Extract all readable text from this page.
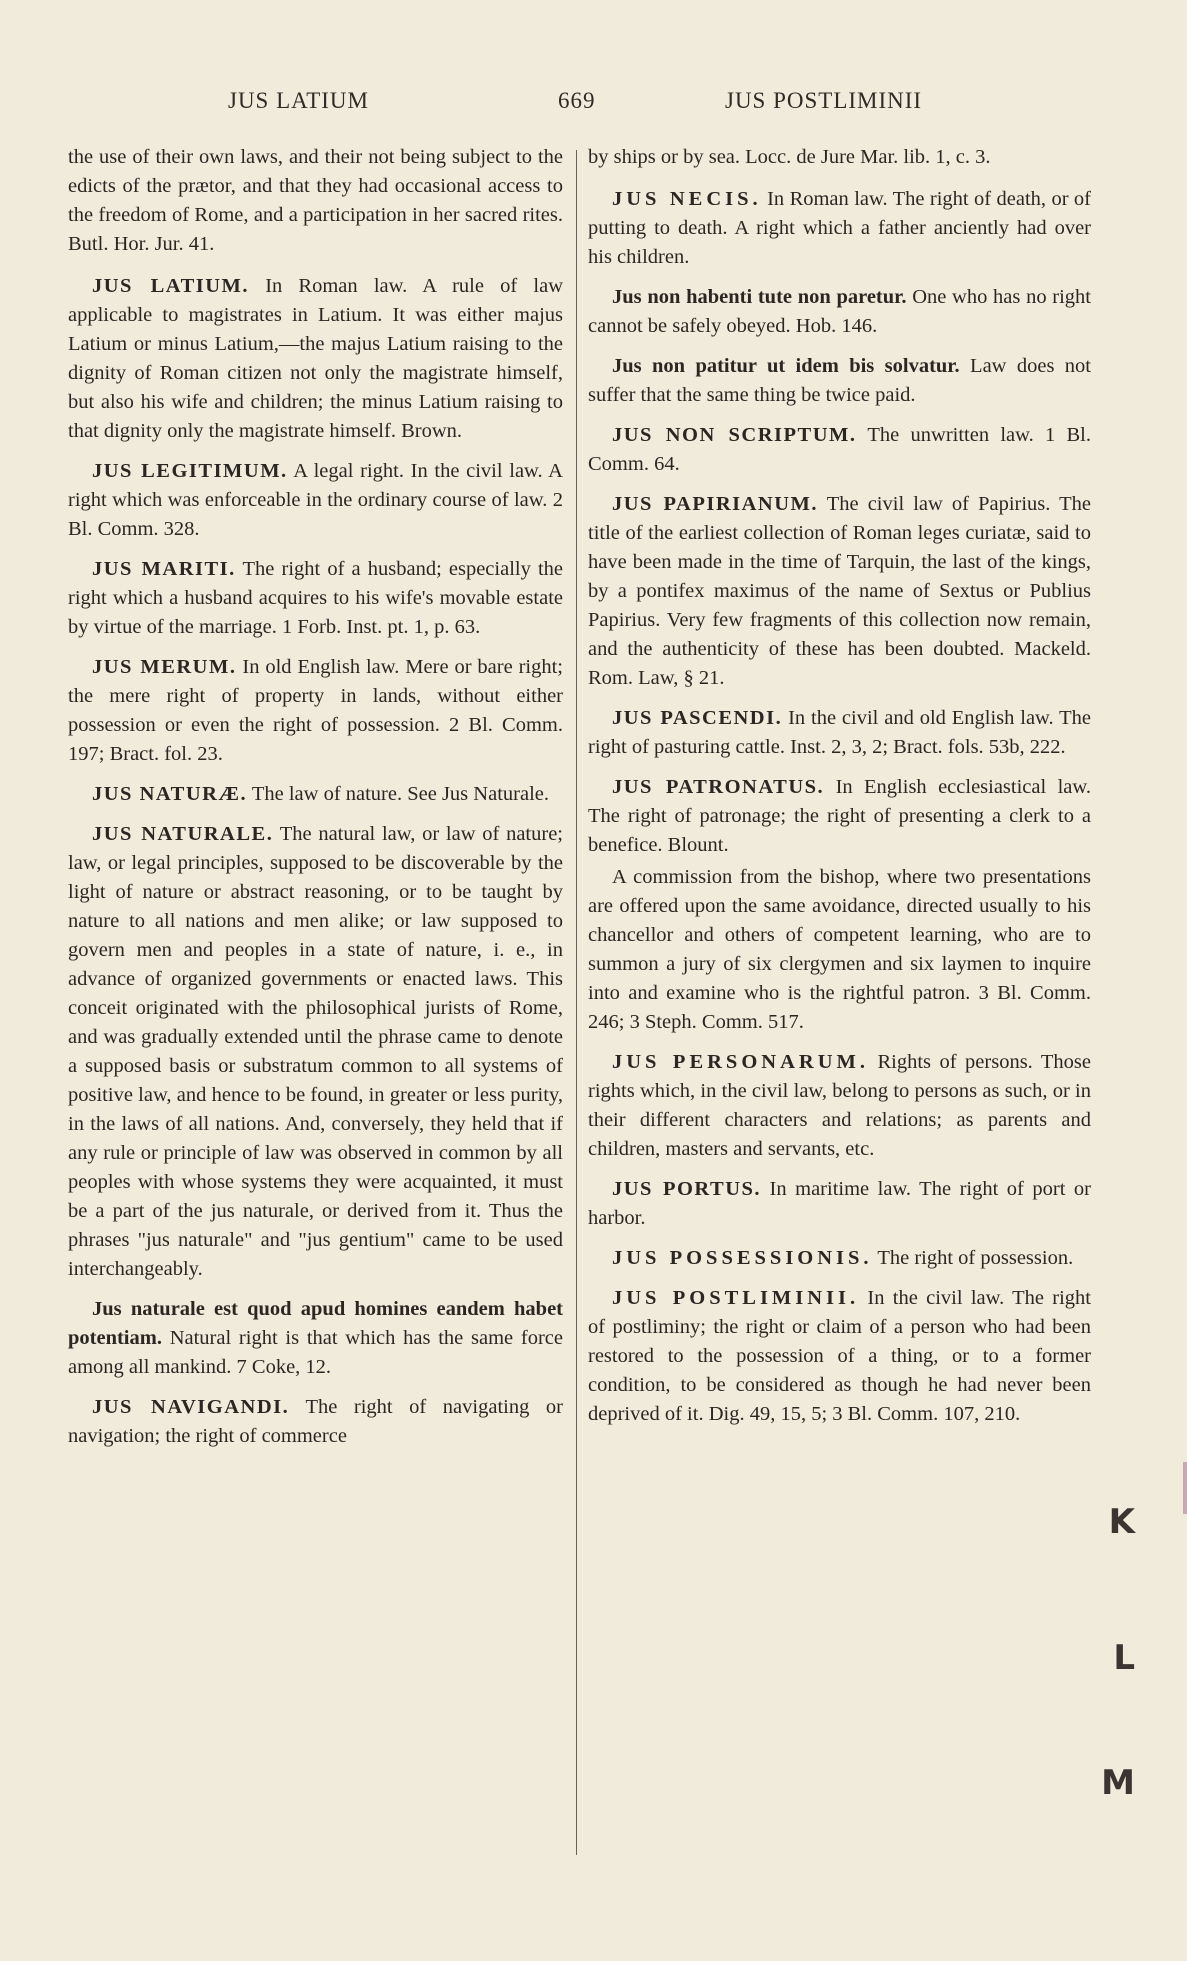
JUS LATIUM	669	JUS POSTLIMINII

the use of their own laws, and their not being subject to the edicts of the prætor, and that they had occasional access to the freedom of Rome, and a participation in her sacred rites. Butl. Hor. Jur. 41.

JUS LATIUM. In Roman law. A rule of law applicable to magistrates in Latium. It was either majus Latium or minus Latium,—the majus Latium raising to the dignity of Roman citizen not only the magistrate himself, but also his wife and children; the minus Latium raising to that dignity only the magistrate himself. Brown.

JUS LEGITIMUM. A legal right. In the civil law. A right which was enforceable in the ordinary course of law. 2 Bl. Comm. 328.

JUS MARITI. The right of a husband; especially the right which a husband acquires to his wife's movable estate by virtue of the marriage. 1 Forb. Inst. pt. 1, p. 63.

JUS MERUM. In old English law. Mere or bare right; the mere right of property in lands, without either possession or even the right of possession. 2 Bl. Comm. 197; Bract. fol. 23.

JUS NATURÆ. The law of nature. See Jus Naturale.

JUS NATURALE. The natural law, or law of nature; law, or legal principles, supposed to be discoverable by the light of nature or abstract reasoning, or to be taught by nature to all nations and men alike; or law supposed to govern men and peoples in a state of nature, i. e., in advance of organized governments or enacted laws. This conceit originated with the philosophical jurists of Rome, and was gradually extended until the phrase came to denote a supposed basis or substratum common to all systems of positive law, and hence to be found, in greater or less purity, in the laws of all nations. And, conversely, they held that if any rule or principle of law was observed in common by all peoples with whose systems they were acquainted, it must be a part of the jus naturale, or derived from it. Thus the phrases "jus naturale" and "jus gentium" came to be used interchangeably.

Jus naturale est quod apud homines eandem habet potentiam. Natural right is that which has the same force among all mankind. 7 Coke, 12.

JUS NAVIGANDI. The right of navigating or navigation; the right of commerce

by ships or by sea. Locc. de Jure Mar. lib. 1, c. 3.

JUS NECIS. In Roman law. The right of death, or of putting to death. A right which a father anciently had over his children.

Jus non habenti tute non paretur. One who has no right cannot be safely obeyed. Hob. 146.

Jus non patitur ut idem bis solvatur. Law does not suffer that the same thing be twice paid.

JUS NON SCRIPTUM. The unwritten law. 1 Bl. Comm. 64.

JUS PAPIRIANUM. The civil law of Papirius. The title of the earliest collection of Roman leges curiatæ, said to have been made in the time of Tarquin, the last of the kings, by a pontifex maximus of the name of Sextus or Publius Papirius. Very few fragments of this collection now remain, and the authenticity of these has been doubted. Mackeld. Rom. Law, § 21.

JUS PASCENDI. In the civil and old English law. The right of pasturing cattle. Inst. 2, 3, 2; Bract. fols. 53b, 222.

JUS PATRONATUS. In English ecclesiastical law. The right of patronage; the right of presenting a clerk to a benefice. Blount.

A commission from the bishop, where two presentations are offered upon the same avoidance, directed usually to his chancellor and others of competent learning, who are to summon a jury of six clergymen and six laymen to inquire into and examine who is the rightful patron. 3 Bl. Comm. 246; 3 Steph. Comm. 517.

JUS PERSONARUM. Rights of persons. Those rights which, in the civil law, belong to persons as such, or in their different characters and relations; as parents and children, masters and servants, etc.

JUS PORTUS. In maritime law. The right of port or harbor.

JUS POSSESSIONIS. The right of possession.

JUS POSTLIMINII. In the civil law. The right of postliminy; the right or claim of a person who had been restored to the possession of a thing, or to a former condition, to be considered as though he had never been deprived of it. Dig. 49, 15, 5; 3 Bl. Comm. 107, 210.

K
L
M
